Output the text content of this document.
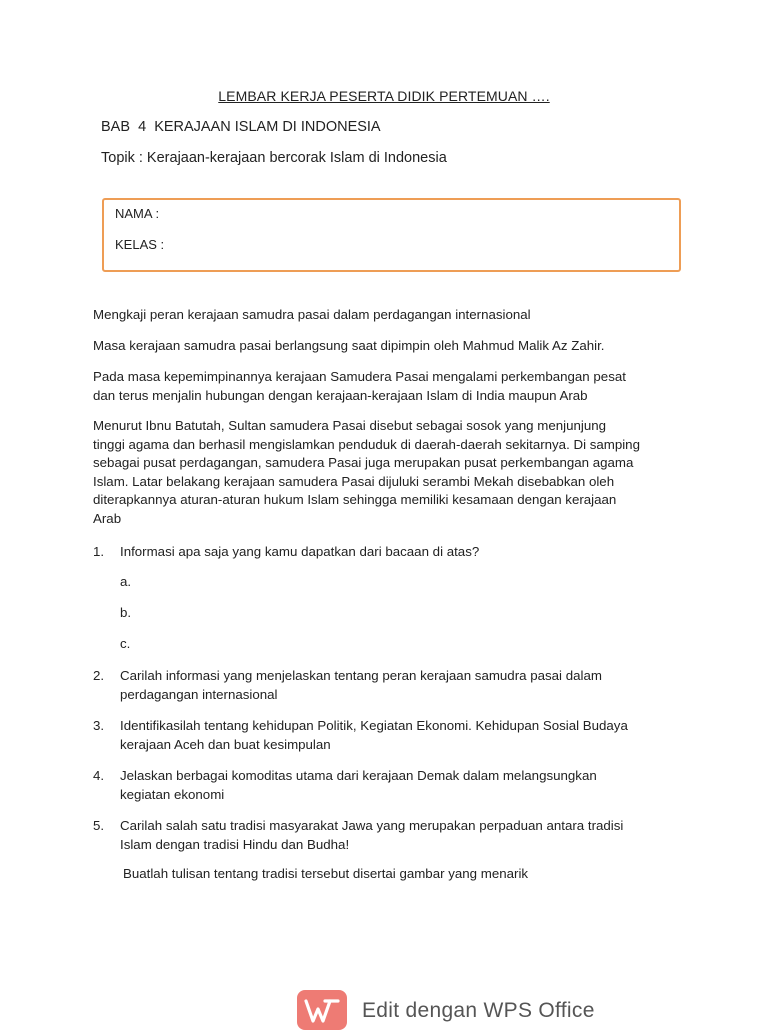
LEMBAR KERJA PESERTA DIDIK PERTEMUAN ….
BAB  4  KERAJAAN ISLAM DI INDONESIA
Topik : Kerajaan-kerajaan bercorak Islam di Indonesia
NAMA :
KELAS :
Mengkaji peran kerajaan samudra pasai dalam perdagangan internasional
Masa kerajaan samudra pasai berlangsung saat dipimpin oleh Mahmud Malik Az Zahir.
Pada masa kepemimpinannya kerajaan Samudera Pasai mengalami perkembangan pesat
dan terus menjalin hubungan dengan kerajaan-kerajaan Islam di India maupun Arab
Menurut Ibnu Batutah, Sultan samudera Pasai disebut sebagai sosok yang menjunjung
tinggi agama dan berhasil mengislamkan penduduk di daerah-daerah sekitarnya. Di samping
sebagai pusat perdagangan, samudera Pasai juga merupakan pusat perkembangan agama
Islam. Latar belakang kerajaan samudera Pasai dijuluki serambi Mekah disebabkan oleh
diterapkannya aturan-aturan hukum Islam sehingga memiliki kesamaan dengan kerajaan
Arab
1. Informasi apa saja yang kamu dapatkan dari bacaan di atas?
a.
b.
c.
2. Carilah informasi yang menjelaskan tentang peran kerajaan samudra pasai dalam
perdagangan internasional
3. Identifikasilah tentang kehidupan Politik, Kegiatan Ekonomi. Kehidupan Sosial Budaya
kerajaan Aceh dan buat kesimpulan
4. Jelaskan berbagai komoditas utama dari kerajaan Demak dalam melangsungkan
kegiatan ekonomi
5. Carilah salah satu tradisi masyarakat Jawa yang merupakan perpaduan antara tradisi
Islam dengan tradisi Hindu dan Budha!
Buatlah tulisan tentang tradisi tersebut disertai gambar yang menarik
Edit dengan WPS Office
